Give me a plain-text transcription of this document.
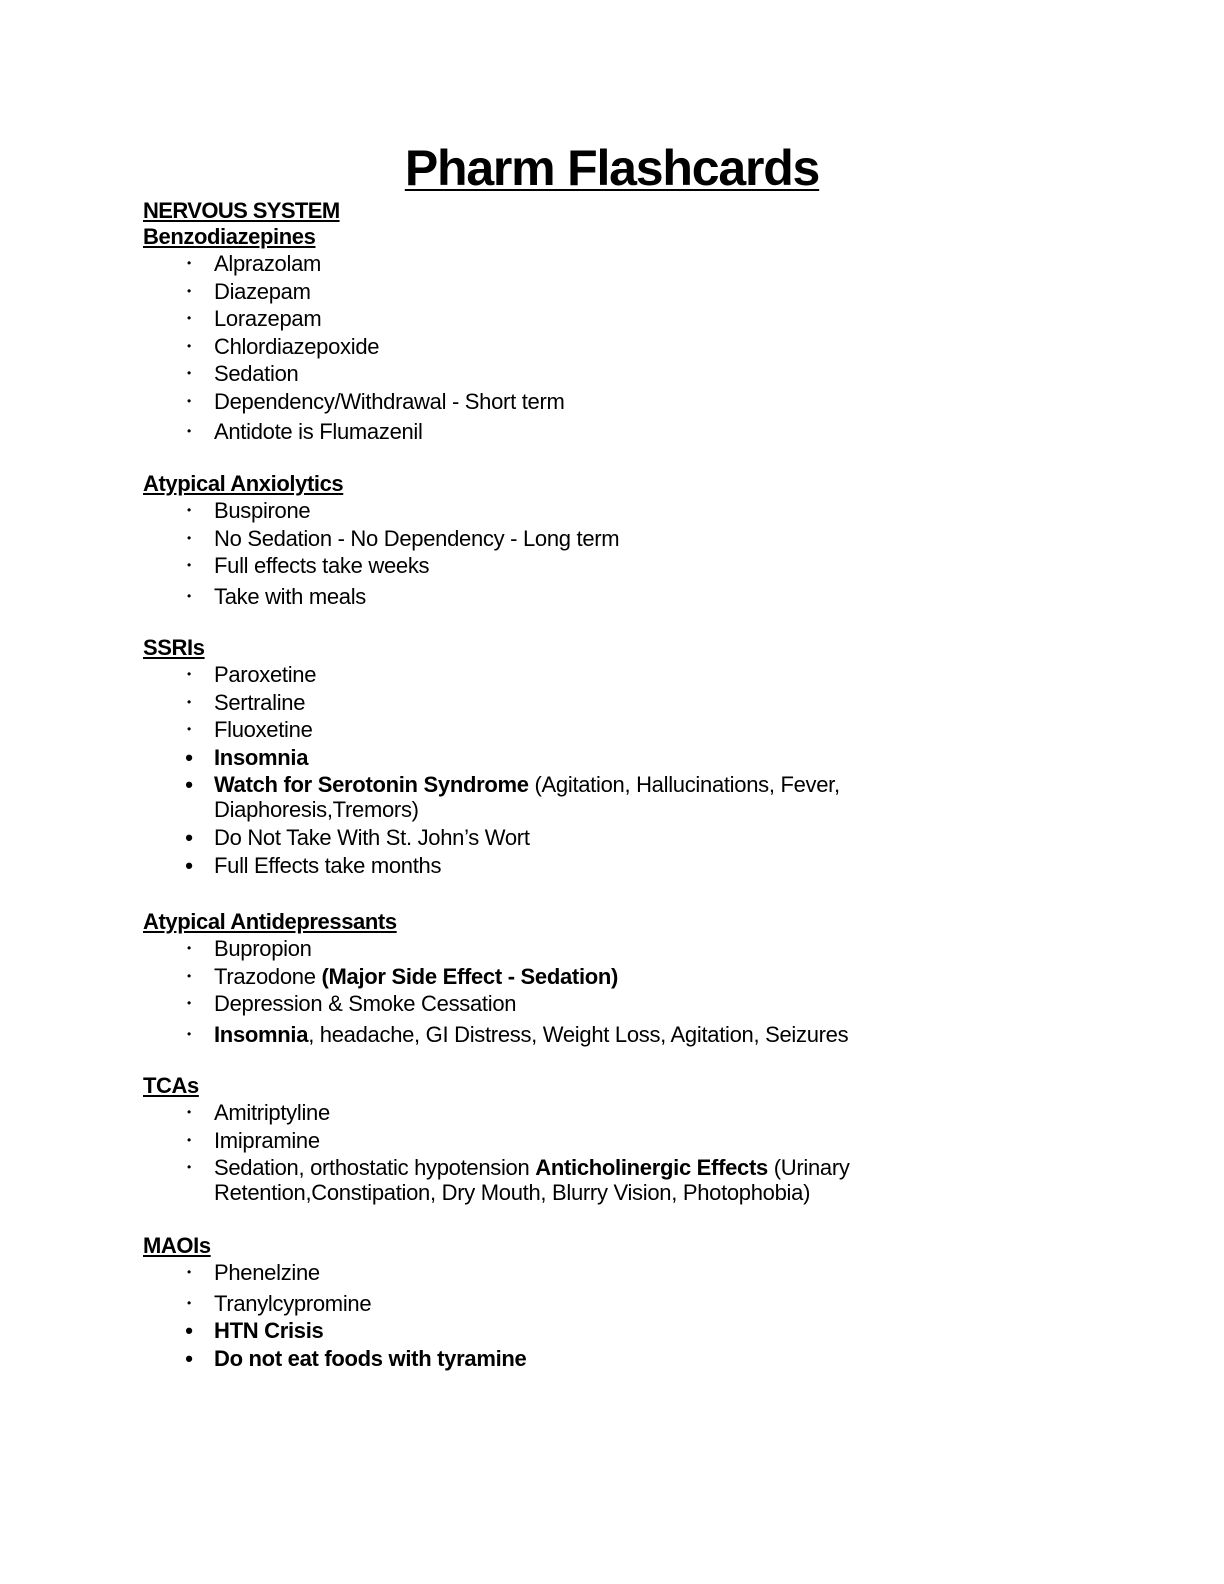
Pharm Flashcards
NERVOUS SYSTEM
Benzodiazepines
•	Alprazolam
•	Diazepam
•	Lorazepam
•	Chlordiazepoxide
•	Sedation
•	Dependency/Withdrawal - Short term
•	Antidote is Flumazenil
Atypical Anxiolytics
•	Buspirone
•	No Sedation - No Dependency - Long term
•	Full effects take weeks
•	Take with meals
SSRIs
•	Paroxetine
•	Sertraline
•	Fluoxetine
• Insomnia
• Watch for Serotonin Syndrome (Agitation, Hallucinations, Fever, Diaphoresis,Tremors)
• Do Not Take With St. John’s Wort
• Full Effects take months
Atypical Antidepressants
•	Bupropion
•	Trazodone (Major Side Effect - Sedation)
•	Depression & Smoke Cessation
•	Insomnia, headache, GI Distress, Weight Loss, Agitation, Seizures
TCAs
•	Amitriptyline
•	Imipramine
•	Sedation, orthostatic hypotension Anticholinergic Effects (Urinary Retention,Constipation, Dry Mouth, Blurry Vision, Photophobia)
MAOIs
•	Phenelzine
•	Tranylcypromine
• HTN Crisis
• Do not eat foods with tyramine
